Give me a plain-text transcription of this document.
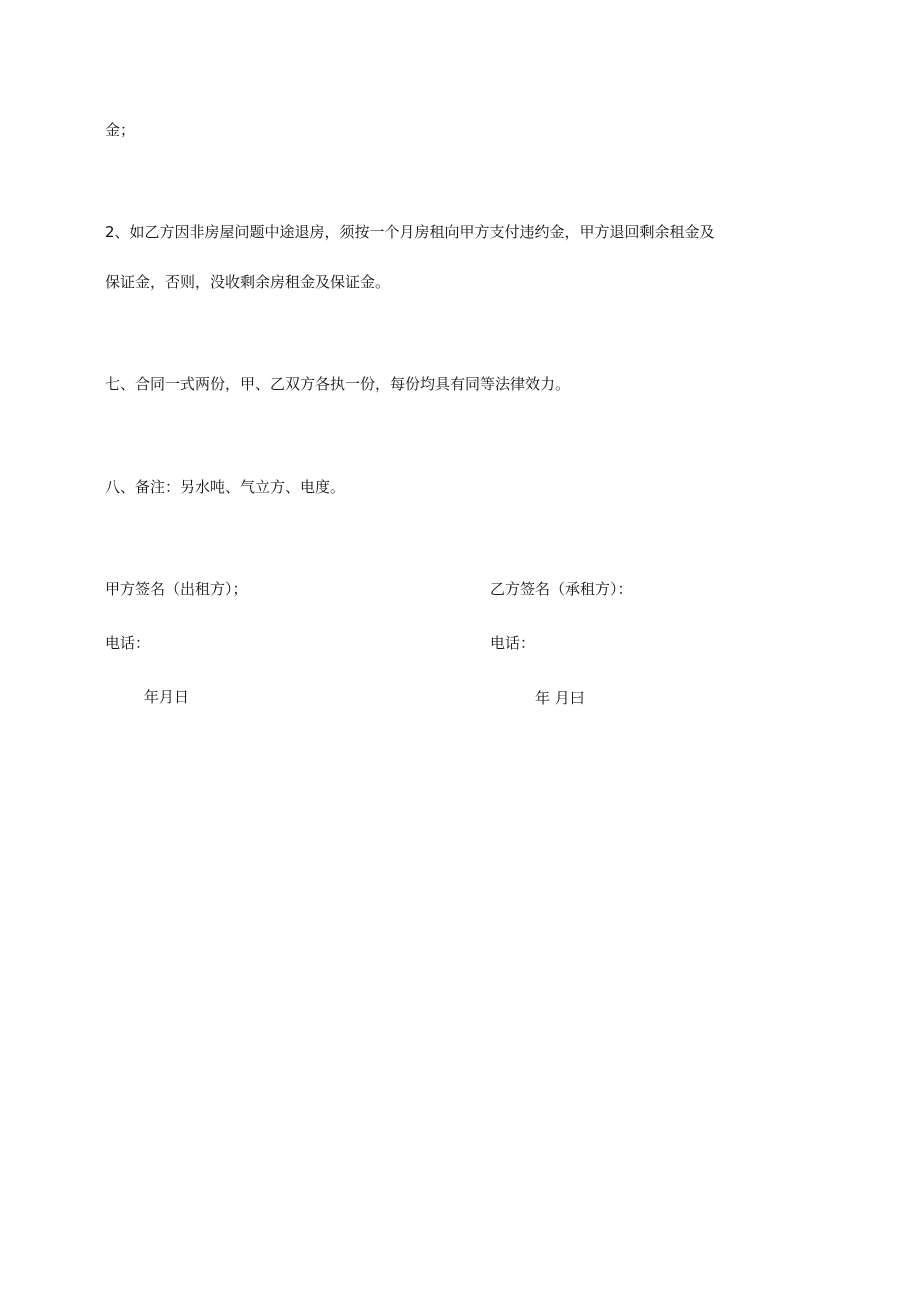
金；
2、如乙方因非房屋问题中途退房，须按一个月房租向甲方支付违约金，甲方退回剩余租金及
保证金，否则，没收剩余房租金及保证金。
七、合同一式两份，甲、乙双方各执一份，每份均具有同等法律效力。
八、备注：另水吨、气立方、电度。
甲方签名（出租方）；	乙方签名（承租方）：
电话：	电话：
年月日	年 月曰
